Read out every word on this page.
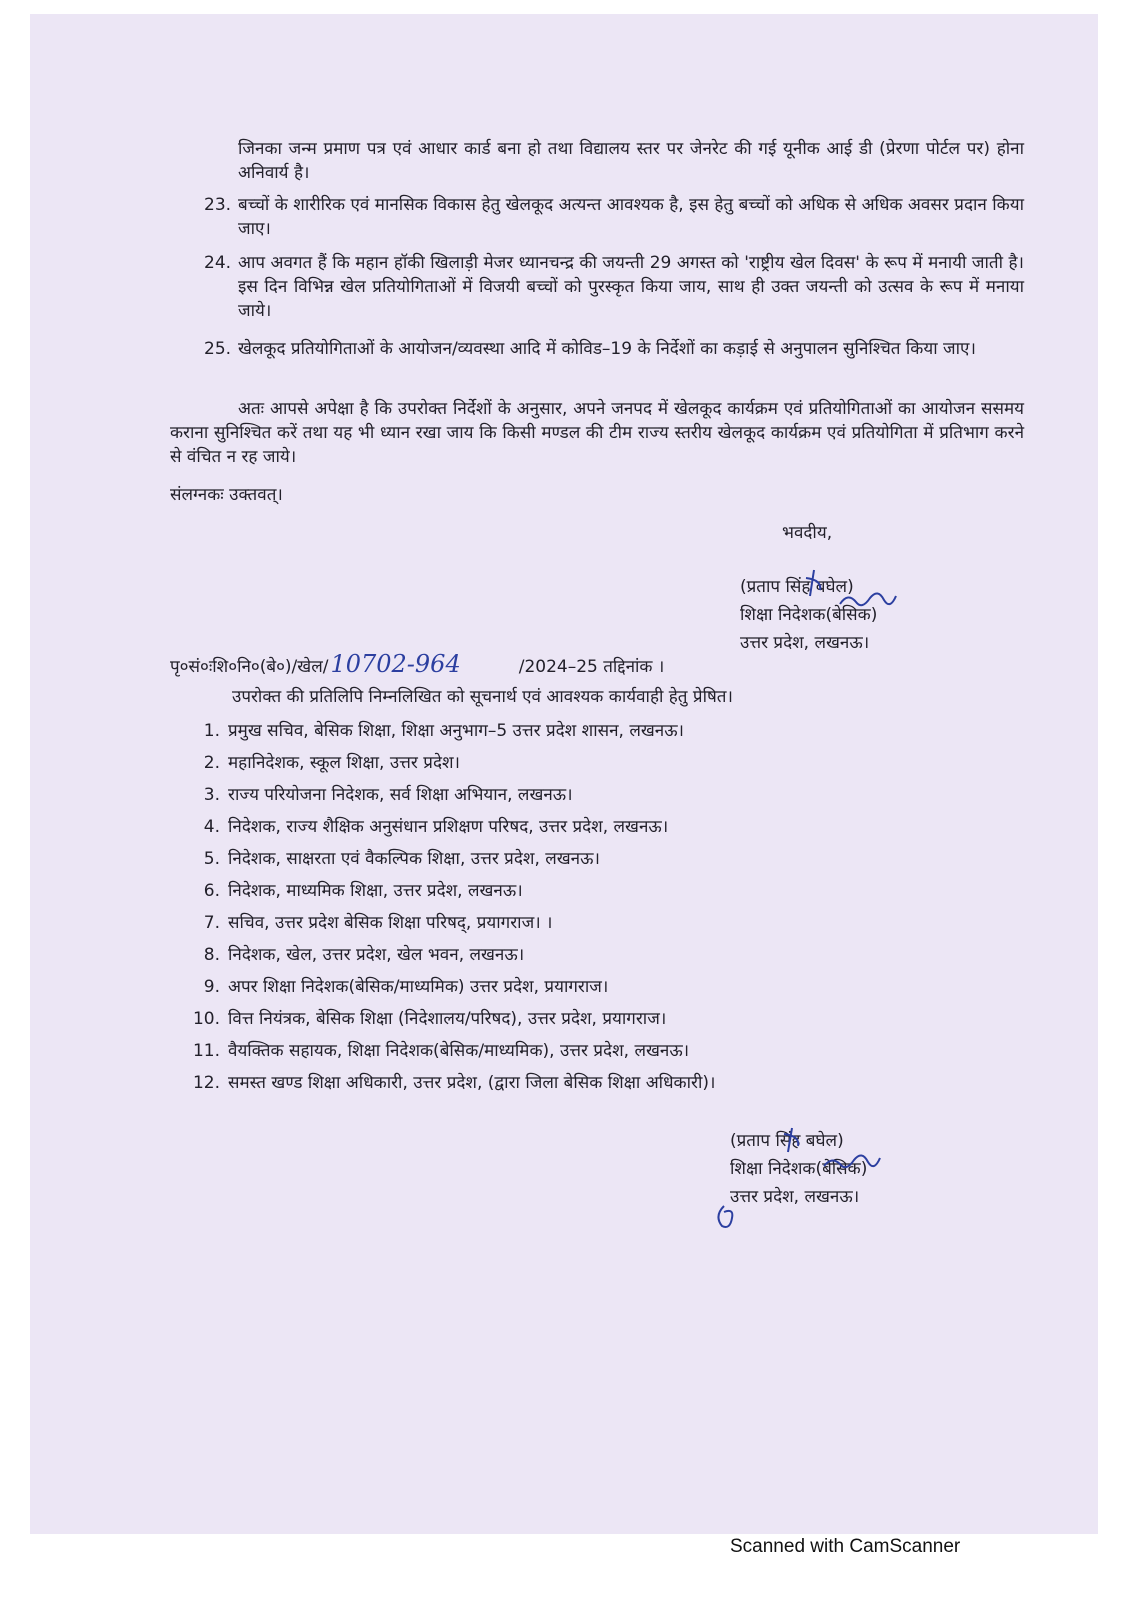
जिनका जन्म प्रमाण पत्र एवं आधार कार्ड बना हो तथा विद्यालय स्तर पर जेनरेट की गई यूनीक आई डी (प्रेरणा पोर्टल पर) होना अनिवार्य है।
23. बच्चों के शारीरिक एवं मानसिक विकास हेतु खेलकूद अत्यन्त आवश्यक है, इस हेतु बच्चों को अधिक से अधिक अवसर प्रदान किया जाए।
24. आप अवगत हैं कि महान हॉकी खिलाड़ी मेजर ध्यानचन्द्र की जयन्ती 29 अगस्त को 'राष्ट्रीय खेल दिवस' के रूप में मनायी जाती है। इस दिन विभिन्न खेल प्रतियोगिताओं में विजयी बच्चों को पुरस्कृत किया जाय, साथ ही उक्त जयन्ती को उत्सव के रूप में मनाया जाये।
25. खेलकूद प्रतियोगिताओं के आयोजन/व्यवस्था आदि में कोविड–19 के निर्देशों का कड़ाई से अनुपालन सुनिश्चित किया जाए।
अतः आपसे अपेक्षा है कि उपरोक्त निर्देशों के अनुसार, अपने जनपद में खेलकूद कार्यक्रम एवं प्रतियोगिताओं का आयोजन ससमय कराना सुनिश्चित करें तथा यह भी ध्यान रखा जाय कि किसी मण्डल की टीम राज्य स्तरीय खेलकूद कार्यक्रम एवं प्रतियोगिता में प्रतिभाग करने से वंचित न रह जाये।
संलग्नकः उक्तवत्।
भवदीय,
(प्रताप सिंह बघेल)
शिक्षा निदेशक(बेसिक)
उत्तर प्रदेश, लखनऊ।
पृ०सं०ःशि०नि०(बे०)/खेल/ 10702-964	/2024–25 तद्दिनांक ।
उपरोक्त की प्रतिलिपि निम्नलिखित को सूचनार्थ एवं आवश्यक कार्यवाही हेतु प्रेषित।
1. प्रमुख सचिव, बेसिक शिक्षा, शिक्षा अनुभाग–5 उत्तर प्रदेश शासन, लखनऊ।
2. महानिदेशक, स्कूल शिक्षा, उत्तर प्रदेश।
3. राज्य परियोजना निदेशक, सर्व शिक्षा अभियान, लखनऊ।
4. निदेशक, राज्य शैक्षिक अनुसंधान प्रशिक्षण परिषद, उत्तर प्रदेश, लखनऊ।
5. निदेशक, साक्षरता एवं वैकल्पिक शिक्षा, उत्तर प्रदेश, लखनऊ।
6. निदेशक, माध्यमिक शिक्षा, उत्तर प्रदेश, लखनऊ।
7. सचिव, उत्तर प्रदेश बेसिक शिक्षा परिषद्, प्रयागराज। ।
8. निदेशक, खेल, उत्तर प्रदेश, खेल भवन, लखनऊ।
9. अपर शिक्षा निदेशक(बेसिक/माध्यमिक) उत्तर प्रदेश, प्रयागराज।
10. वित्त नियंत्रक, बेसिक शिक्षा (निदेशालय/परिषद), उत्तर प्रदेश, प्रयागराज।
11. वैयक्तिक सहायक, शिक्षा निदेशक(बेसिक/माध्यमिक), उत्तर प्रदेश, लखनऊ।
12. समस्त खण्ड शिक्षा अधिकारी, उत्तर प्रदेश, (द्वारा जिला बेसिक शिक्षा अधिकारी)।
(प्रताप सिंह बघेल)
शिक्षा निदेशक(बेसिक)
उत्तर प्रदेश, लखनऊ।
Scanned with CamScanner
